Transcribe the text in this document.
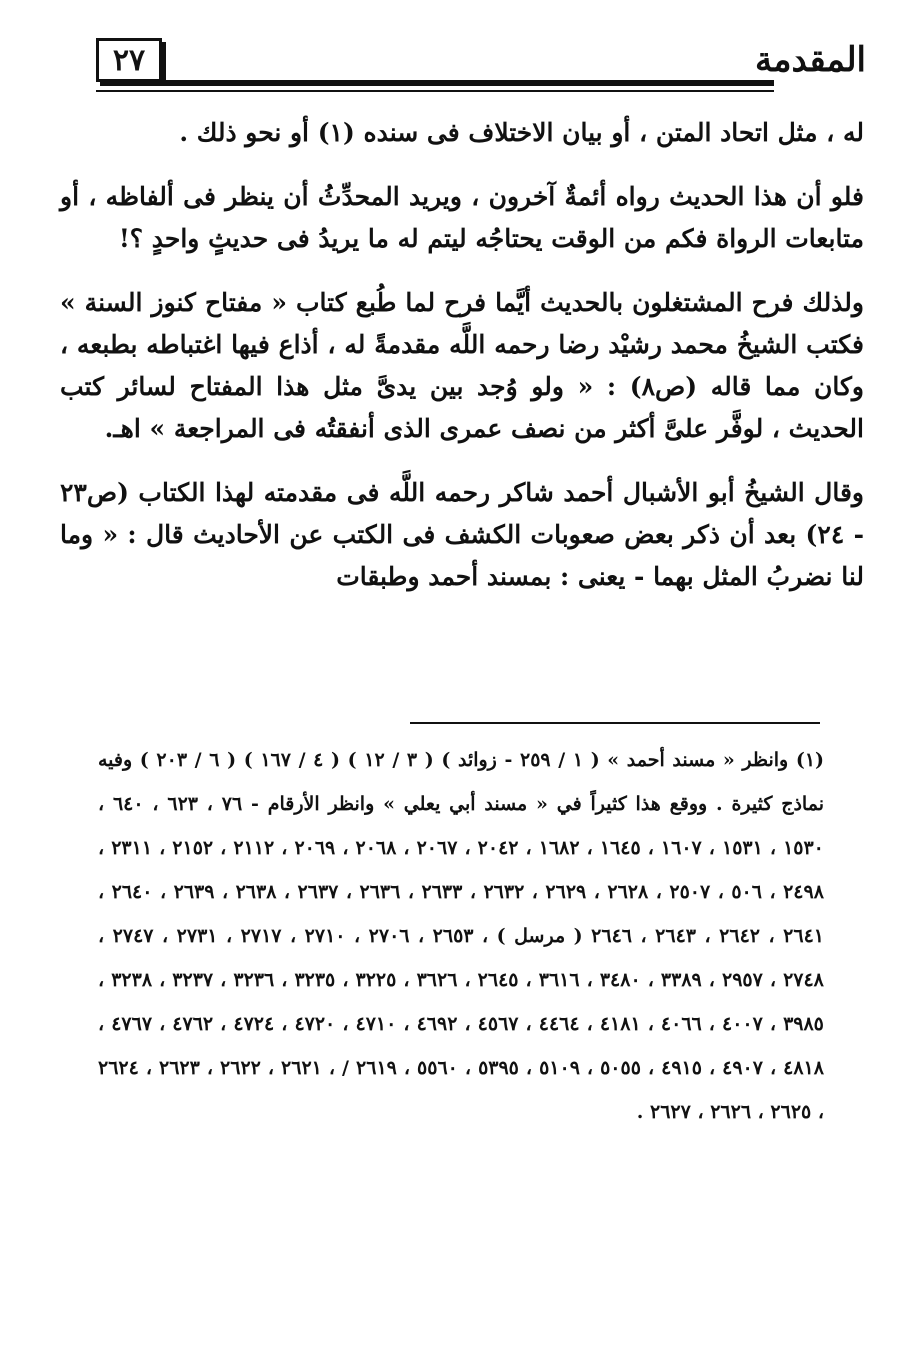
المقدمة
٢٧

له ، مثل اتحاد المتن ، أو بيان الاختلاف فى سنده (١) أو نحو ذلك .

فلو أن هذا الحديث رواه أئمةٌ آخرون ، ويريد المحدِّثُ أن ينظر فى ألفاظه ، أو متابعات الرواة فكم من الوقت يحتاجُه ليتم له ما يريدُ فى حديثٍ واحدٍ ؟!

ولذلك فرح المشتغلون بالحديث أيَّما فرح لما طُبع كتاب « مفتاح كنوز السنة » فكتب الشيخُ محمد رشيْد رضا رحمه اللَّه مقدمةً له ، أذاع فيها اغتباطه بطبعه ، وكان مما قاله (ص٨) : « ولو وُجد بين يدىَّ مثل هذا المفتاح لسائر كتب الحديث ، لوفَّر علىَّ أكثر من نصف عمرى الذى أنفقتُه فى المراجعة » اهـ.

وقال الشيخُ أبو الأشبال أحمد شاكر رحمه اللَّه فى مقدمته لهذا الكتاب (ص٢٣ - ٢٤) بعد أن ذكر بعض صعوبات الكشف فى الكتب عن الأحاديث قال : « وما لنا نضربُ المثل بهما - يعنى : بمسند أحمد وطبقات

(١) وانظر « مسند أحمد » ( ١ / ٢٥٩ - زوائد ) ( ٣ / ١٢ ) ( ٤ / ١٦٧ ) ( ٦ / ٢٠٣ ) وفيه نماذج كثيرة . ووقع هذا كثيراً في « مسند أبي يعلي » وانظر الأرقام - ٧٦ ، ٦٢٣ ، ٦٤٠ ، ١٥٣٠ ، ١٥٣١ ، ١٦٠٧ ، ١٦٤٥ ، ١٦٨٢ ، ٢٠٤٢ ، ٢٠٦٧ ، ٢٠٦٨ ، ٢٠٦٩ ، ٢١١٢ ، ٢١٥٢ ، ٢٣١١ ، ٢٤٩٨ ، ٥٠٦ ، ٢٥٠٧ ، ٢٦٢٨ ، ٢٦٢٩ ، ٢٦٣٢ ، ٢٦٣٣ ، ٢٦٣٦ ، ٢٦٣٧ ، ٢٦٣٨ ، ٢٦٣٩ ، ٢٦٤٠ ، ٢٦٤١ ، ٢٦٤٢ ، ٢٦٤٣ ، ٢٦٤٦ ( مرسل ) ، ٢٦٥٣ ، ٢٧٠٦ ، ٢٧١٠ ، ٢٧١٧ ، ٢٧٣١ ، ٢٧٤٧ ، ٢٧٤٨ ، ٢٩٥٧ ، ٣٣٨٩ ، ٣٤٨٠ ، ٣٦١٦ ، ٢٦٤٥ ، ٣٦٢٦ ، ٣٢٢٥ ، ٣٢٣٥ ، ٣٢٣٦ ، ٣٢٣٧ ، ٣٢٣٨ ، ٣٩٨٥ ، ٤٠٠٧ ، ٤٠٦٦ ، ٤١٨١ ، ٤٤٦٤ ، ٤٥٦٧ ، ٤٦٩٢ ، ٤٧١٠ ، ٤٧٢٠ ، ٤٧٢٤ ، ٤٧٦٢ ، ٤٧٦٧ ، ٤٨١٨ ، ٤٩٠٧ ، ٤٩١٥ ، ٥٠٥٥ ، ٥١٠٩ ، ٥٣٩٥ ، ٥٥٦٠ ، ٢٦١٩ / ، ٢٦٢١ ، ٢٦٢٢ ، ٢٦٢٣ ، ٢٦٢٤ ، ٢٦٢٥ ، ٢٦٢٦ ، ٢٦٢٧ .
